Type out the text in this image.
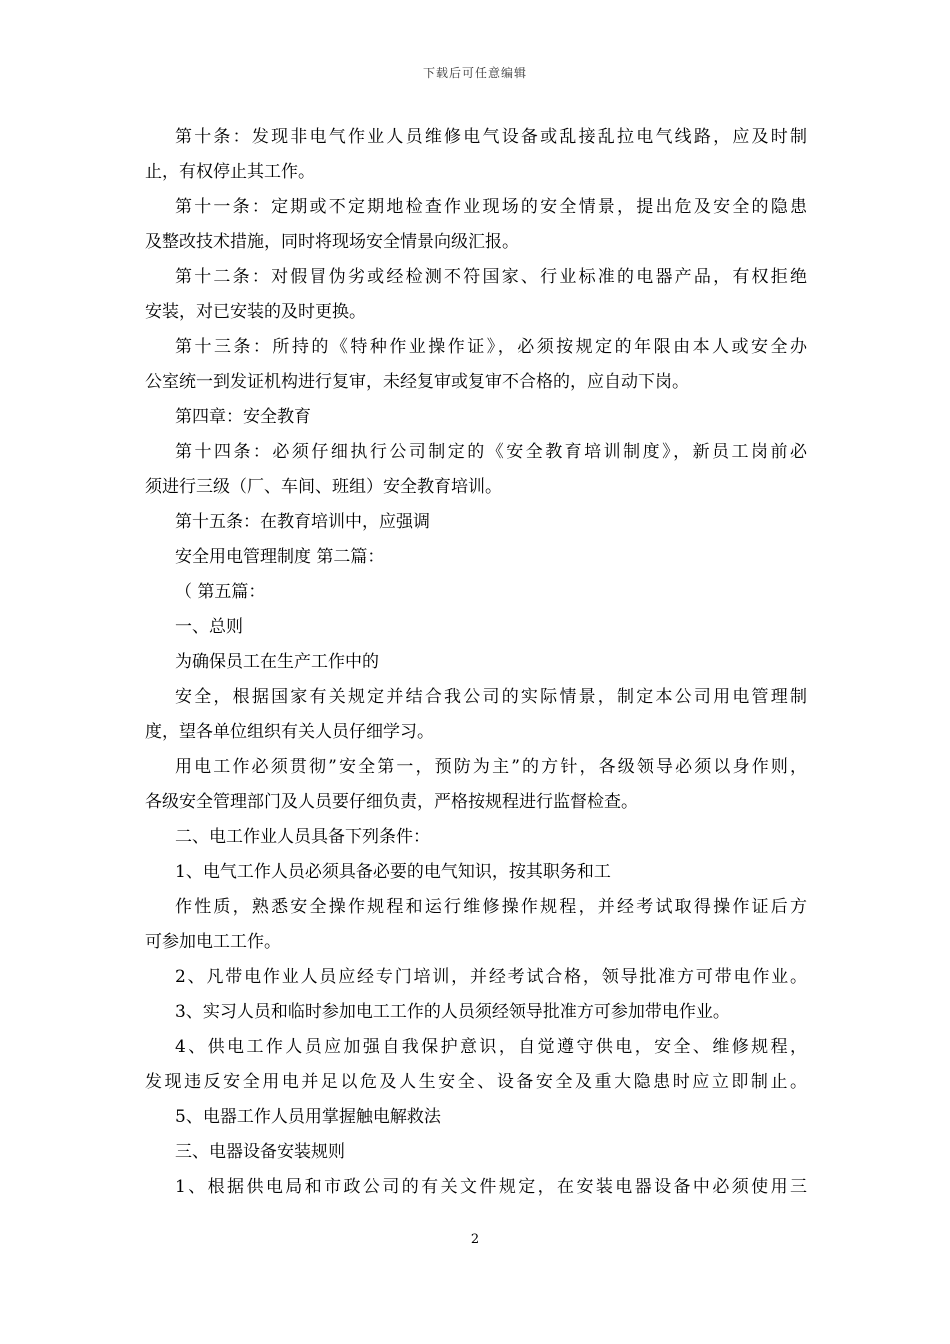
下载后可任意编辑
第十条：发现非电气作业人员维修电气设备或乱接乱拉电气线路，应及时制
止，有权停止其工作。
第十一条：定期或不定期地检查作业现场的安全情景，提出危及安全的隐患
及整改技术措施，同时将现场安全情景向级汇报。
第十二条：对假冒伪劣或经检测不符国家、行业标准的电器产品，有权拒绝
安装，对已安装的及时更换。
第十三条：所持的《特种作业操作证》，必须按规定的年限由本人或安全办
公室统一到发证机构进行复审，未经复审或复审不合格的，应自动下岗。
第四章：安全教育
第十四条：必须仔细执行公司制定的《安全教育培训制度》，新员工岗前必
须进行三级（厂、车间、班组）安全教育培训。
第十五条：在教育培训中，应强调
安全用电管理制度 第二篇：
（ 第五篇：
一、总则
为确保员工在生产工作中的
安全，根据国家有关规定并结合我公司的实际情景，制定本公司用电管理制
度，望各单位组织有关人员仔细学习。
用电工作必须贯彻”安全第一，预防为主”的方针，各级领导必须以身作则，
各级安全管理部门及人员要仔细负责，严格按规程进行监督检查。
二、电工作业人员具备下列条件：
1、电气工作人员必须具备必要的电气知识，按其职务和工
作性质，熟悉安全操作规程和运行维修操作规程，并经考试取得操作证后方
可参加电工工作。
2、凡带电作业人员应经专门培训，并经考试合格，领导批准方可带电作业。
3、实习人员和临时参加电工工作的人员须经领导批准方可参加带电作业。
4、供电工作人员应加强自我保护意识，自觉遵守供电，安全、维修规程，
发现违反安全用电并足以危及人生安全、设备安全及重大隐患时应立即制止。
5、电器工作人员用掌握触电解救法
三、电器设备安装规则
1、根据供电局和市政公司的有关文件规定，在安装电器设备中必须使用三
2
